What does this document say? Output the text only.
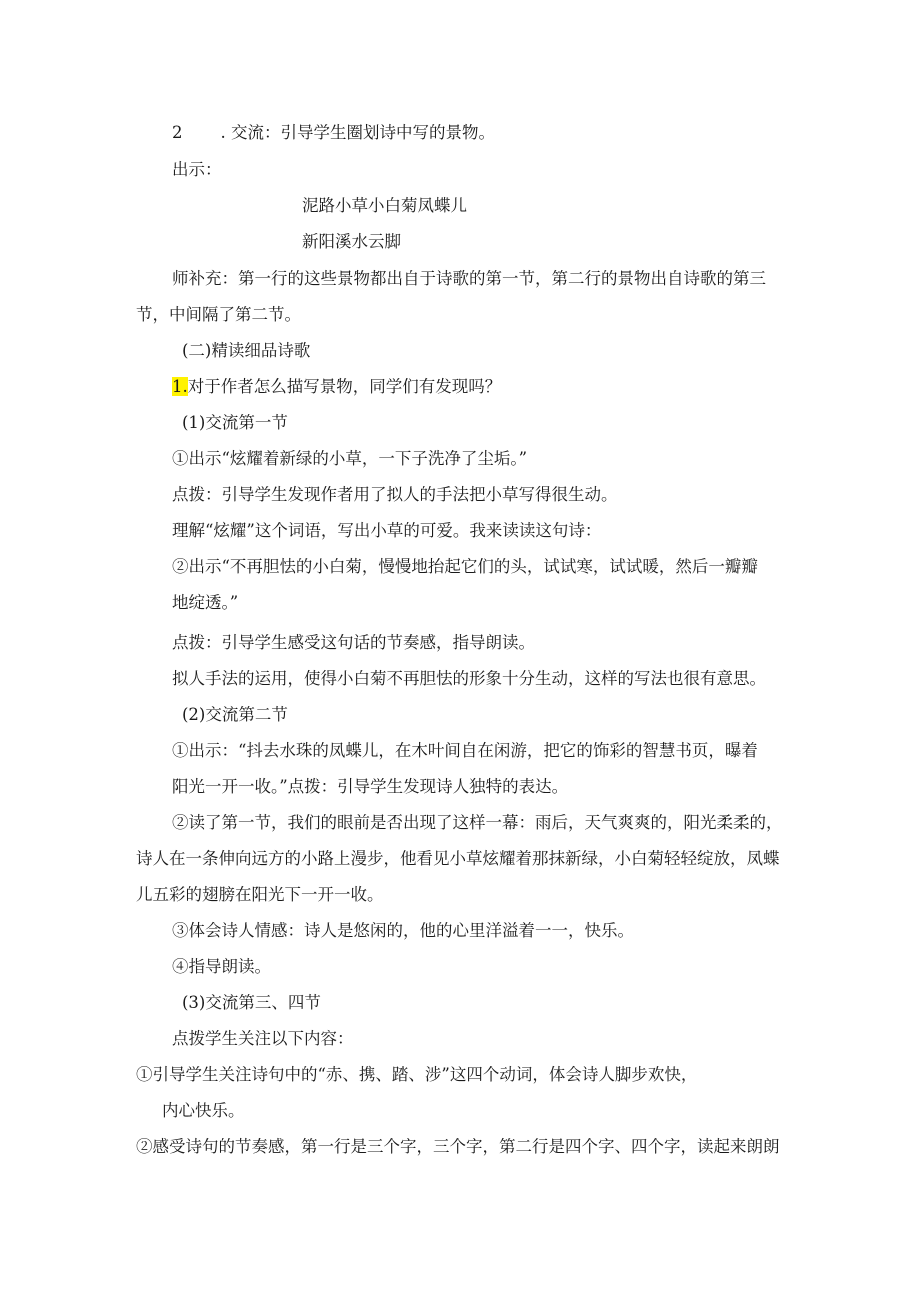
2 . 交流：引导学生圈划诗中写的景物。
出示：
泥路小草小白菊凤蝶儿
新阳溪水云脚
师补充：第一行的这些景物都出自于诗歌的第一节，第二行的景物出自诗歌的第三
节，中间隔了第二节。
(二)精读细品诗歌
1.对于作者怎么描写景物，同学们有发现吗？
(1)交流第一节
①出示“炫耀着新绿的小草，一下子洗净了尘垢。”
点拨：引导学生发现作者用了拟人的手法把小草写得很生动。
理解“炫耀”这个词语，写出小草的可爱。我来读读这句诗：
②出示“不再胆怯的小白菊，慢慢地抬起它们的头，试试寒，试试暖，然后一瓣瓣
地绽透。”
点拨：引导学生感受这句话的节奏感，指导朗读。
拟人手法的运用，使得小白菊不再胆怯的形象十分生动，这样的写法也很有意思。
(2)交流第二节
①出示：“抖去水珠的凤蝶儿，在木叶间自在闲游，把它的饰彩的智慧书页，曝着
阳光一开一收。”点拨：引导学生发现诗人独特的表达。
②读了第一节，我们的眼前是否出现了这样一幕：雨后，天气爽爽的，阳光柔柔的，
诗人在一条伸向远方的小路上漫步，他看见小草炫耀着那抹新绿，小白菊轻轻绽放，凤蝶
儿五彩的翅膀在阳光下一开一收。
③体会诗人情感：诗人是悠闲的，他的心里洋溢着一一，快乐。
④指导朗读。
(3)交流第三、四节
点拨学生关注以下内容：
①引导学生关注诗句中的“赤、携、踏、涉”这四个动词，体会诗人脚步欢快，
内心快乐。
②感受诗句的节奏感，第一行是三个字，三个字，第二行是四个字、四个字，读起来朗朗
